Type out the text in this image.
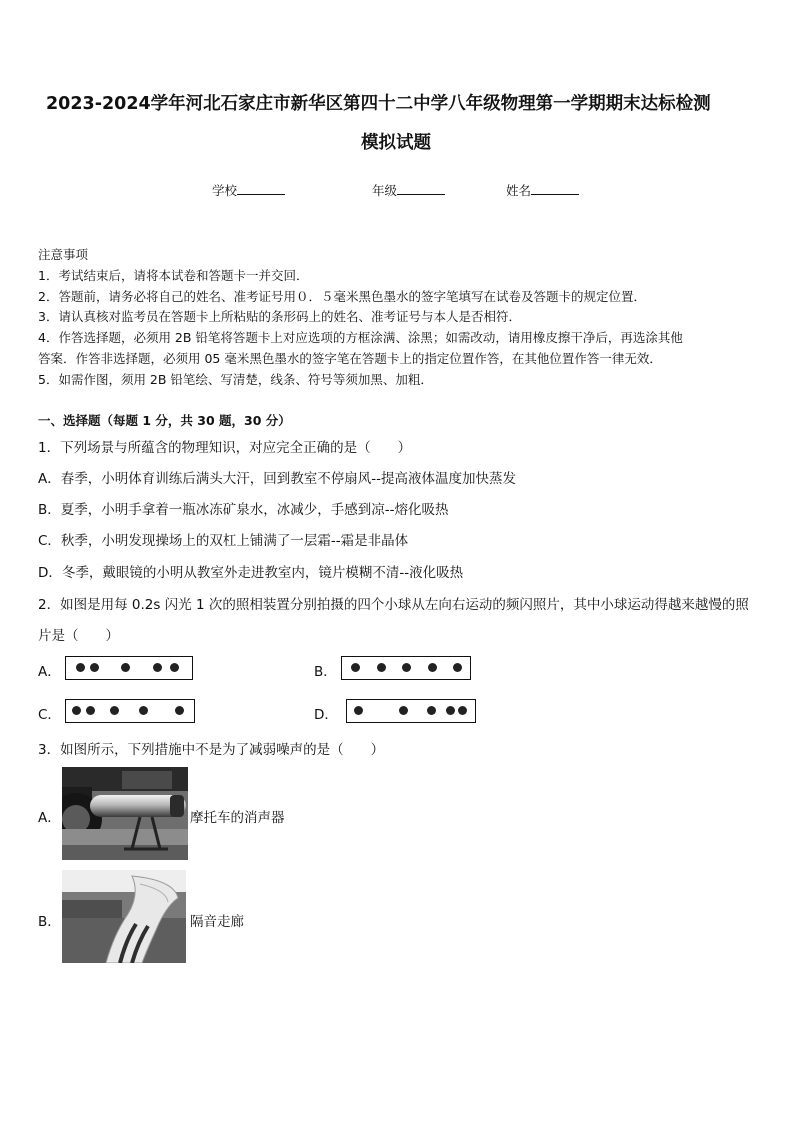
2023-2024学年河北石家庄市新华区第四十二中学八年级物理第一学期期末达标检测
模拟试题
学校	年级	姓名
注意事项
1．考试结束后，请将本试卷和答题卡一并交回．
2．答题前，请务必将自己的姓名、准考证号用０．５毫米黑色墨水的签字笔填写在试卷及答题卡的规定位置．
3．请认真核对监考员在答题卡上所粘贴的条形码上的姓名、准考证号与本人是否相符．
4．作答选择题，必须用 2B 铅笔将答题卡上对应选项的方框涂满、涂黑；如需改动，请用橡皮擦干净后，再选涂其他
答案．作答非选择题，必须用 05 毫米黑色墨水的签字笔在答题卡上的指定位置作答，在其他位置作答一律无效．
5．如需作图，须用 2B 铅笔绘、写清楚，线条、符号等须加黑、加粗．
一、选择题（每题 1 分，共 30 题，30 分）
1．下列场景与所蕴含的物理知识，对应完全正确的是（　　）
A．春季，小明体育训练后满头大汗，回到教室不停扇风--提高液体温度加快蒸发
B．夏季，小明手拿着一瓶冰冻矿泉水，冰减少，手感到凉--熔化吸热
C．秋季，小明发现操场上的双杠上铺满了一层霜--霜是非晶体
D．冬季，戴眼镜的小明从教室外走进教室内，镜片模糊不清--液化吸热
2．如图是用每 0.2s 闪光 1 次的照相装置分别拍摄的四个小球从左向右运动的频闪照片，其中小球运动得越来越慢的照
片是（　　）
A．	B．
C．	D．
3．如图所示，下列措施中不是为了减弱噪声的是（　　）
A．	摩托车的消声器
B．	隔音走廊
